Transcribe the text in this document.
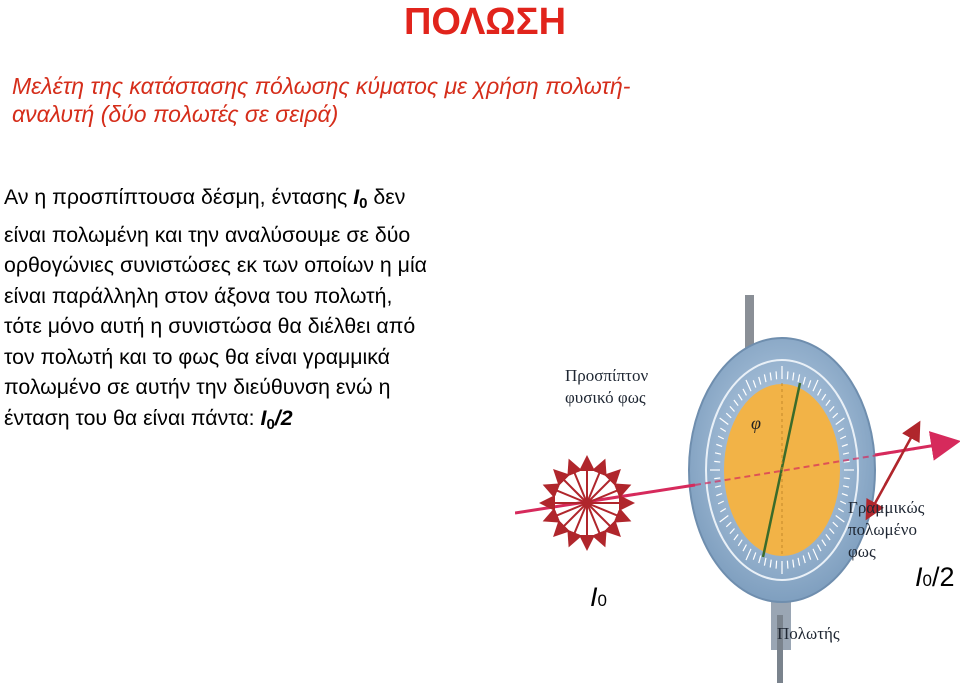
ΠΟΛΩΣΗ
Μελέτη της κατάστασης πόλωσης κύματος με χρήση πολωτή-
αναλυτή (δύο πολωτές σε σειρά)

Αν η προσπίπτουσα δέσμη, έντασης $I_0$ δεν

είναι πολωμένη και την αναλύσουμε σε δύο

ορθογώνιες συνιστώσες εκ των οποίων η μία

είναι παράλληλη στον άξονα του πολωτή,

τότε μόνο αυτή η συνιστώσα θα διέλθει από

τον πολωτή και το φως θα είναι γραμμικά

πολωμένο σε αυτήν την διεύθυνση ενώ η

ένταση του θα είναι πάντα: $I_0/2$

Προσπίπτον
φυσικό φως
Γραμμικώς
πολωμένο
φως
Πολωτής
φ
I0
I0/2
